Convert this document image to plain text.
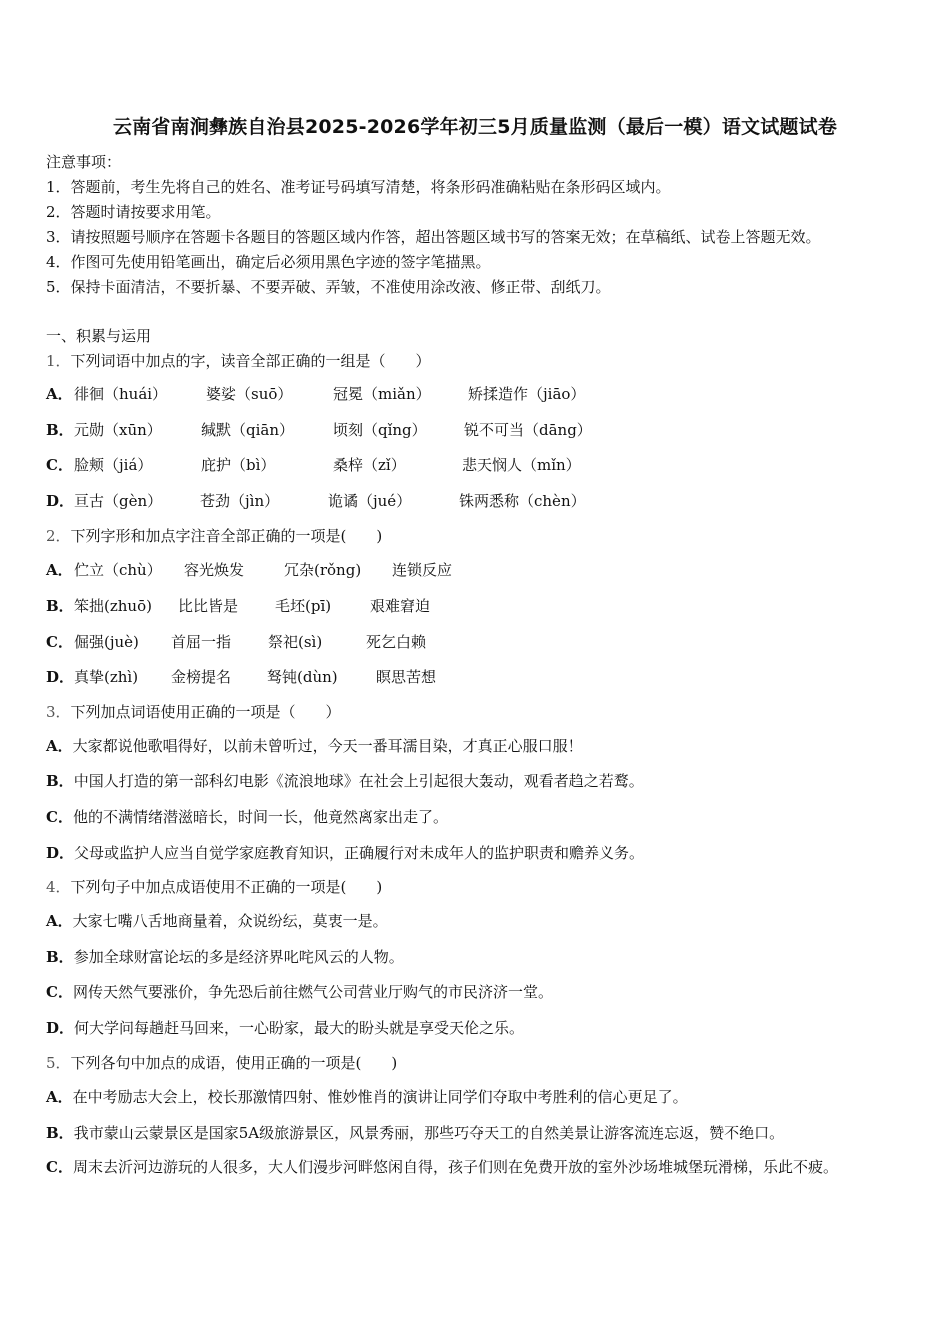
云南省南涧彝族自治县2025-2026学年初三5月质量监测（最后一模）语文试题试卷
注意事项：
1．答题前，考生先将自己的姓名、准考证号码填写清楚，将条形码准确粘贴在条形码区域内。
2．答题时请按要求用笔。
3．请按照题号顺序在答题卡各题目的答题区域内作答，超出答题区域书写的答案无效；在草稿纸、试卷上答题无效。
4．作图可先使用铅笔画出，确定后必须用黑色字迹的签字笔描黑。
5．保持卡面清洁，不要折暴、不要弄破、弄皱，不准使用涂改液、修正带、刮纸刀。
一、积累与运用
1．下列词语中加点的字，读音全部正确的一组是（　　）
A． 徘徊（huái）	婆娑（suō）	冠冕（miǎn） 矫揉造作（jiāo）
B． 元勋（xūn）	缄默（qiān）	顷刻（qǐng） 锐不可当（dāng）
C． 脸颊（jiá）	庇护（bì）	桑梓（zǐ）	悲天悯人（mǐn）
D． 亘古（gèn）	苍劲（jìn）	诡谲（jué）	铢两悉称（chèn）
2．下列字形和加点字注音全部正确的一项是(　　)
A． 伫立（chù） 容光焕发	冗杂(rǒng) 连锁反应
B． 笨拙(zhuō) 比比皆是 毛坯(pī)	艰难窘迫
C． 倔强(juè) 首屈一指 祭祀(sì)	死乞白赖
D． 真挚(zhì) 金榜提名 驽钝(dùn)	瞑思苦想
3．下列加点词语使用正确的一项是（　　）
A．大家都说他歌唱得好，以前未曾听过，今天一番耳濡目染，才真正心服口服！
B．中国人打造的第一部科幻电影《流浪地球》在社会上引起很大轰动，观看者趋之若鹜。
C．他的不满情绪潜滋暗长，时间一长，他竟然离家出走了。
D．父母或监护人应当自觉学家庭教育知识，正确履行对未成年人的监护职责和赡养义务。
4．下列句子中加点成语使用不正确的一项是(　　)
A．大家七嘴八舌地商量着，众说纷纭，莫衷一是。
B．参加全球财富论坛的多是经济界叱咤风云的人物。
C．网传天然气要涨价，争先恐后前往燃气公司营业厅购气的市民济济一堂。
D．何大学问每趟赶马回来，一心盼家，最大的盼头就是享受天伦之乐。
5．下列各句中加点的成语，使用正确的一项是(　　)
A．在中考励志大会上，校长那激情四射、惟妙惟肖的演讲让同学们夺取中考胜利的信心更足了。
B．我市蒙山云蒙景区是国家5A级旅游景区，风景秀丽，那些巧夺天工的自然美景让游客流连忘返，赞不绝口。
C．周末去沂河边游玩的人很多，大人们漫步河畔悠闲自得，孩子们则在免费开放的室外沙场堆城堡玩滑梯，乐此不疲。
